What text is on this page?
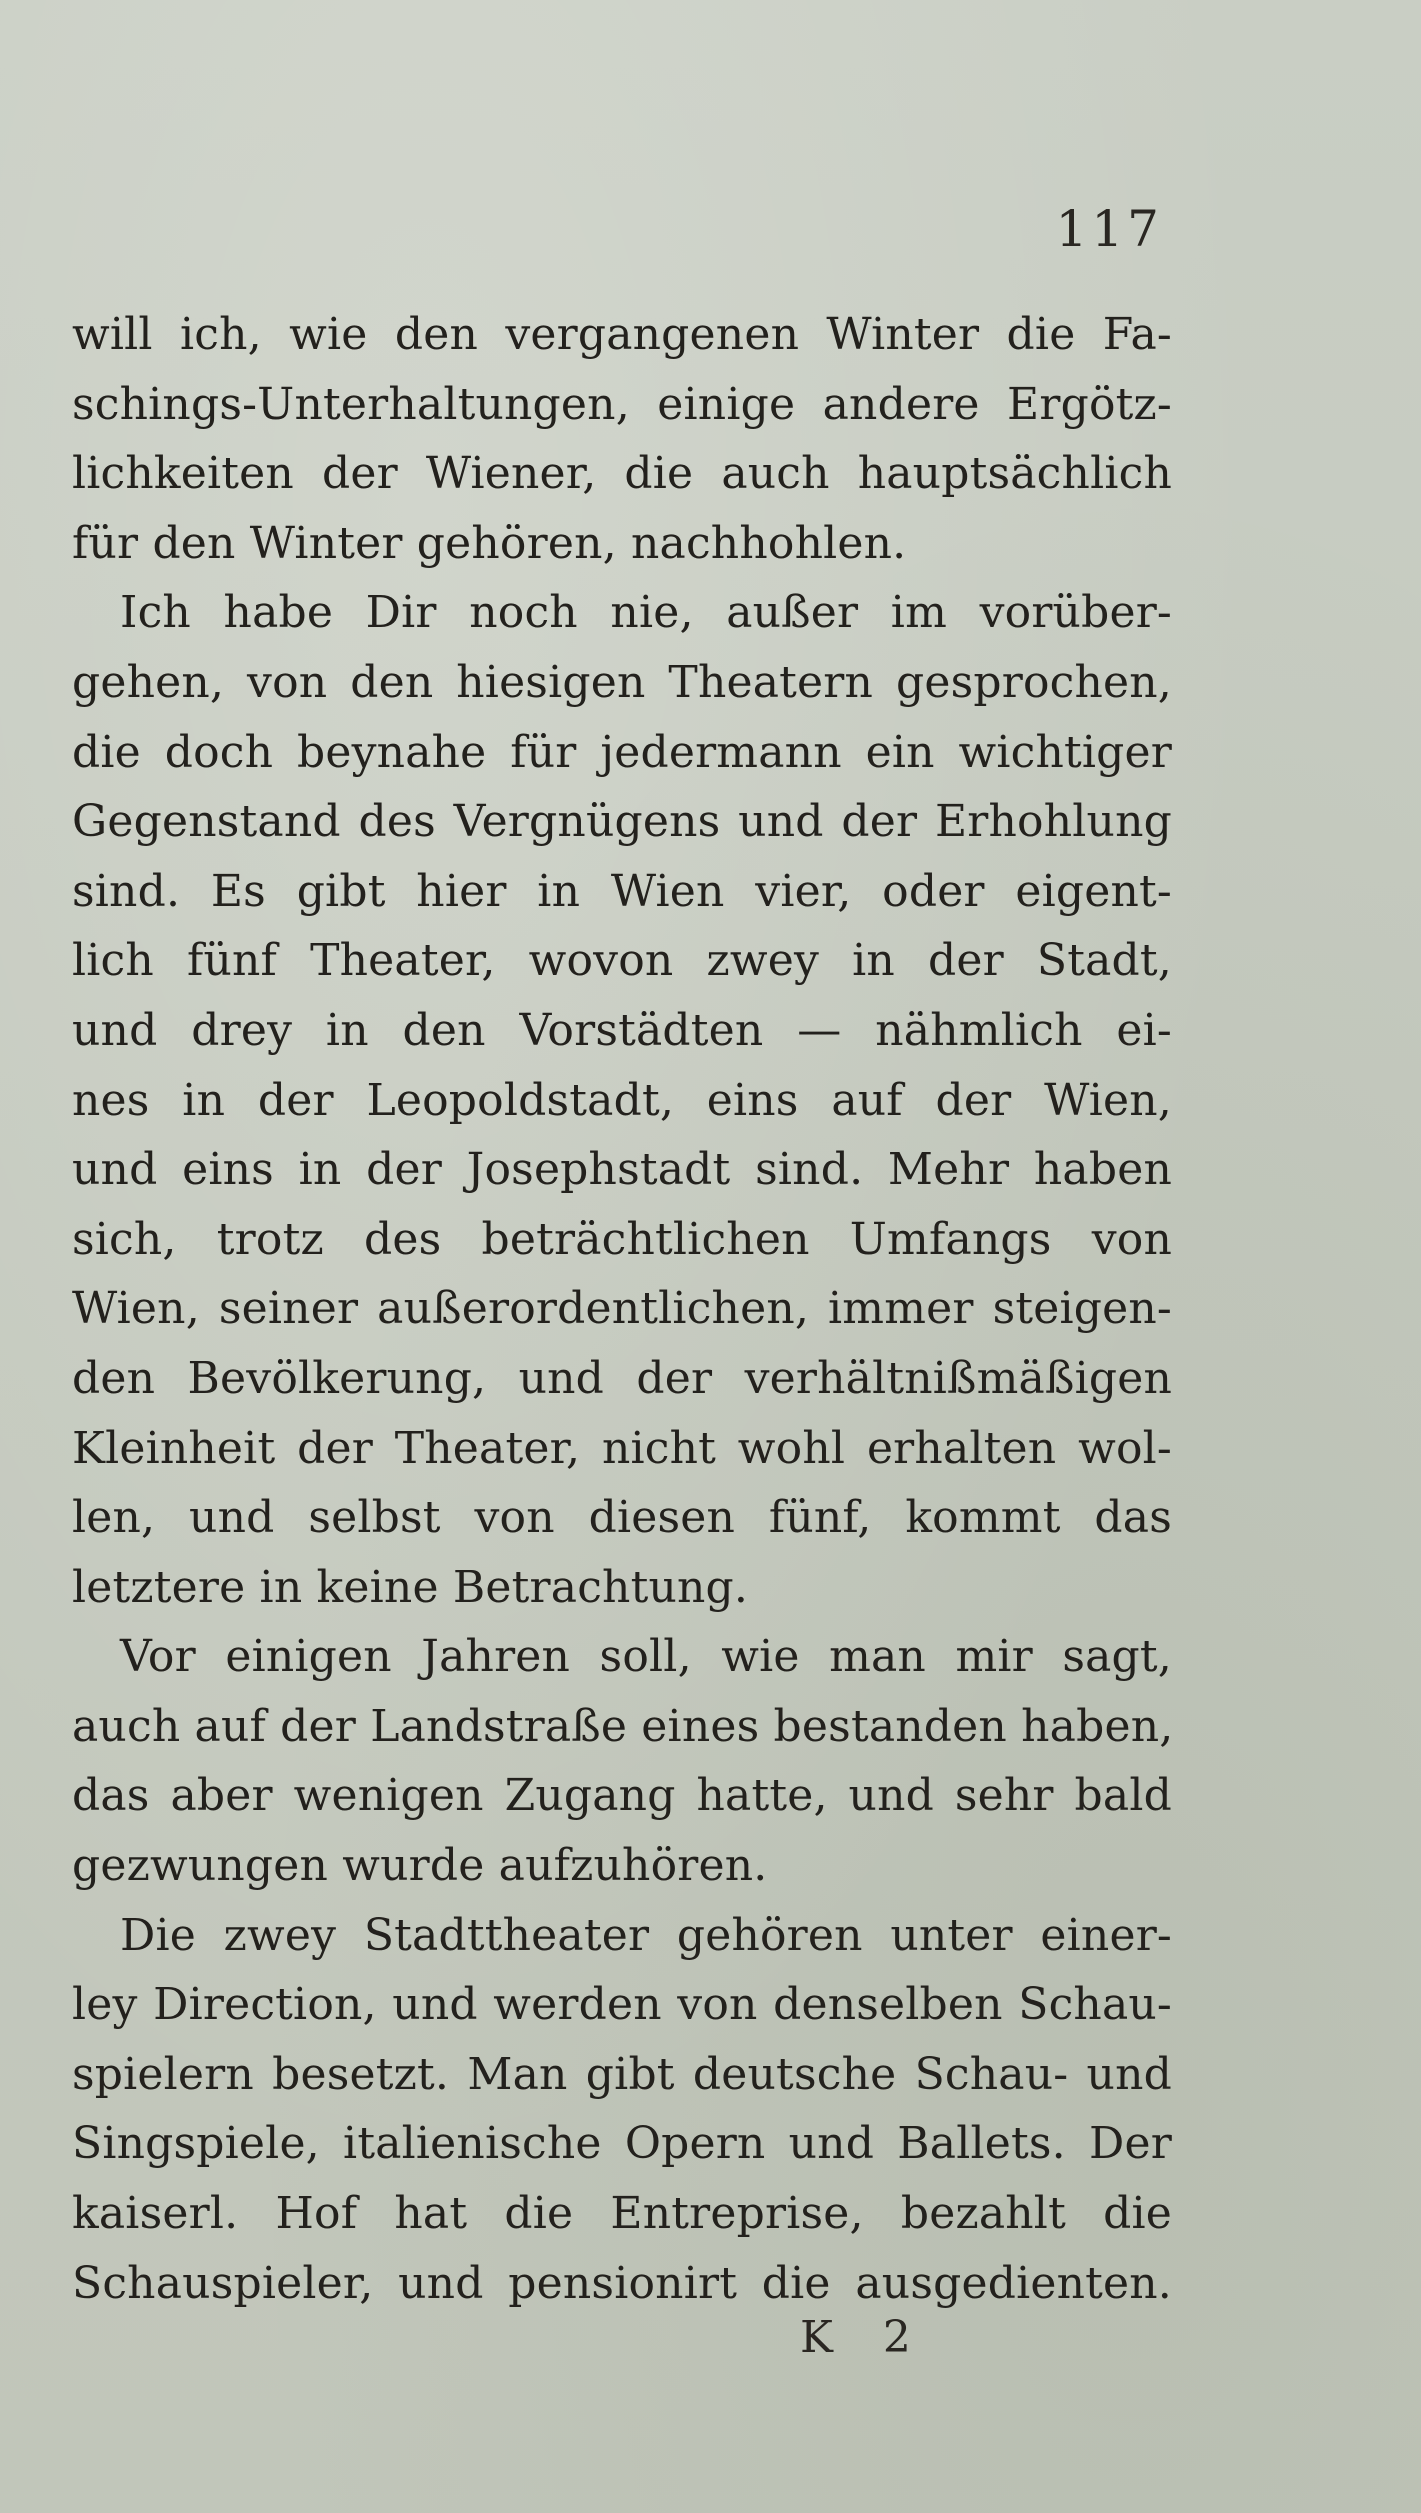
117
will ich, wie den vergangenen Winter die Fa-
schings-Unterhaltungen, einige andere Ergötz-
lichkeiten der Wiener, die auch hauptsächlich
für den Winter gehören, nachhohlen.
Ich habe Dir noch nie, außer im vorüber-
gehen, von den hiesigen Theatern gesprochen,
die doch beynahe für jedermann ein wichtiger
Gegenstand des Vergnügens und der Erhohlung
sind. Es gibt hier in Wien vier, oder eigent-
lich fünf Theater, wovon zwey in der Stadt,
und drey in den Vorstädten — nähmlich ei-
nes in der Leopoldstadt, eins auf der Wien,
und eins in der Josephstadt sind. Mehr haben
sich, trotz des beträchtlichen Umfangs von
Wien, seiner außerordentlichen, immer steigen-
den Bevölkerung, und der verhältnißmäßigen
Kleinheit der Theater, nicht wohl erhalten wol-
len, und selbst von diesen fünf, kommt das
letztere in keine Betrachtung.
Vor einigen Jahren soll, wie man mir sagt,
auch auf der Landstraße eines bestanden haben,
das aber wenigen Zugang hatte, und sehr bald
gezwungen wurde aufzuhören.
Die zwey Stadttheater gehören unter einer-
ley Direction, und werden von denselben Schau-
spielern besetzt. Man gibt deutsche Schau- und
Singspiele, italienische Opern und Ballets. Der
kaiserl. Hof hat die Entreprise, bezahlt die
Schauspieler, und pensionirt die ausgedienten.
K 2
